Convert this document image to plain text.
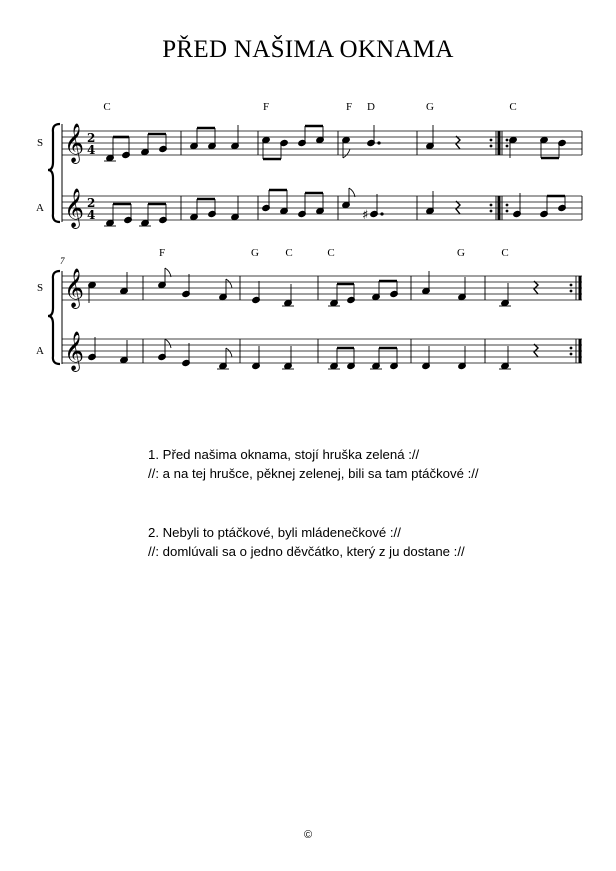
PŘED NAŠIMA OKNAMA
C	F	F D	G	C
S
A
𝄞
𝄞
2
4
2
4	♯
7
F	G C	C	G	C
S
A
𝄞
𝄞
1. Před našima oknama, stojí hruška zelená ://
//: a na tej hrušce, pěknej zelenej, bili sa tam ptáčkové ://
2. Nebyli to ptáčkové, byli mládenečkové ://
//: domlúvali sa o jedno děvčátko, který z ju dostane ://
©
